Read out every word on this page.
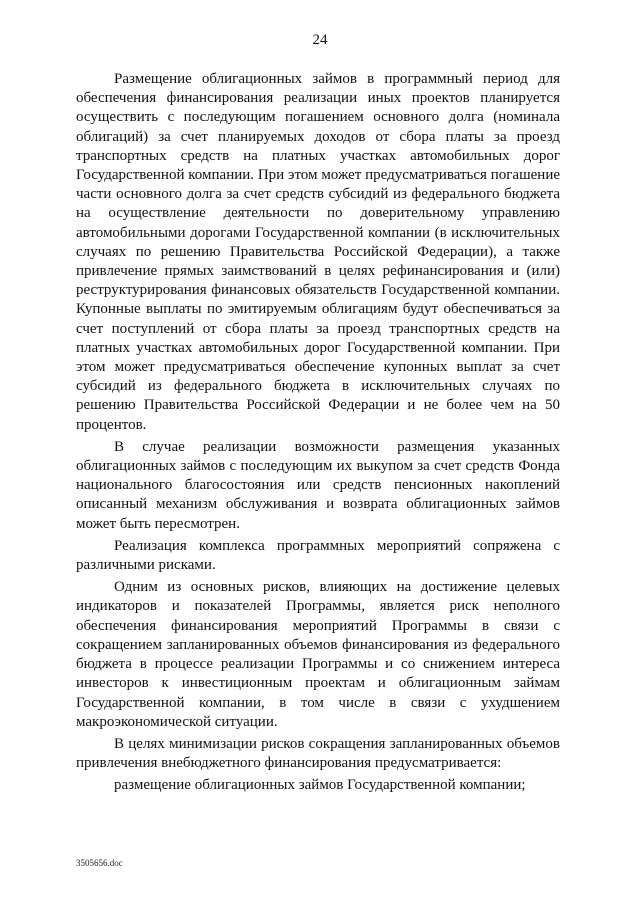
24

Размещение облигационных займов в программный период для обеспечения финансирования реализации иных проектов планируется осуществить с последующим погашением основного долга (номинала облигаций) за счет планируемых доходов от сбора платы за проезд транспортных средств на платных участках автомобильных дорог Государственной компании. При этом может предусматриваться погашение части основного долга за счет средств субсидий из федерального бюджета на осуществление деятельности по доверительному управлению автомобильными дорогами Государственной компании (в исключительных случаях по решению Правительства Российской Федерации), а также привлечение прямых заимствований в целях рефинансирования и (или) реструктурирования финансовых обязательств Государственной компании. Купонные выплаты по эмитируемым облигациям будут обеспечиваться за счет поступлений от сбора платы за проезд транспортных средств на платных участках автомобильных дорог Государственной компании. При этом может предусматриваться обеспечение купонных выплат за счет субсидий из федерального бюджета в исключительных случаях по решению Правительства Российской Федерации и не более чем на 50 процентов.

В случае реализации возможности размещения указанных облигационных займов с последующим их выкупом за счет средств Фонда национального благосостояния или средств пенсионных накоплений описанный механизм обслуживания и возврата облигационных займов может быть пересмотрен.

Реализация комплекса программных мероприятий сопряжена с различными рисками.

Одним из основных рисков, влияющих на достижение целевых индикаторов и показателей Программы, является риск неполного обеспечения финансирования мероприятий Программы в связи с сокращением запланированных объемов финансирования из федерального бюджета в процессе реализации Программы и со снижением интереса инвесторов к инвестиционным проектам и облигационным займам Государственной компании, в том числе в связи с ухудшением макроэкономической ситуации.

В целях минимизации рисков сокращения запланированных объемов привлечения внебюджетного финансирования предусматривается:

размещение облигационных займов Государственной компании;

3505656.doc
